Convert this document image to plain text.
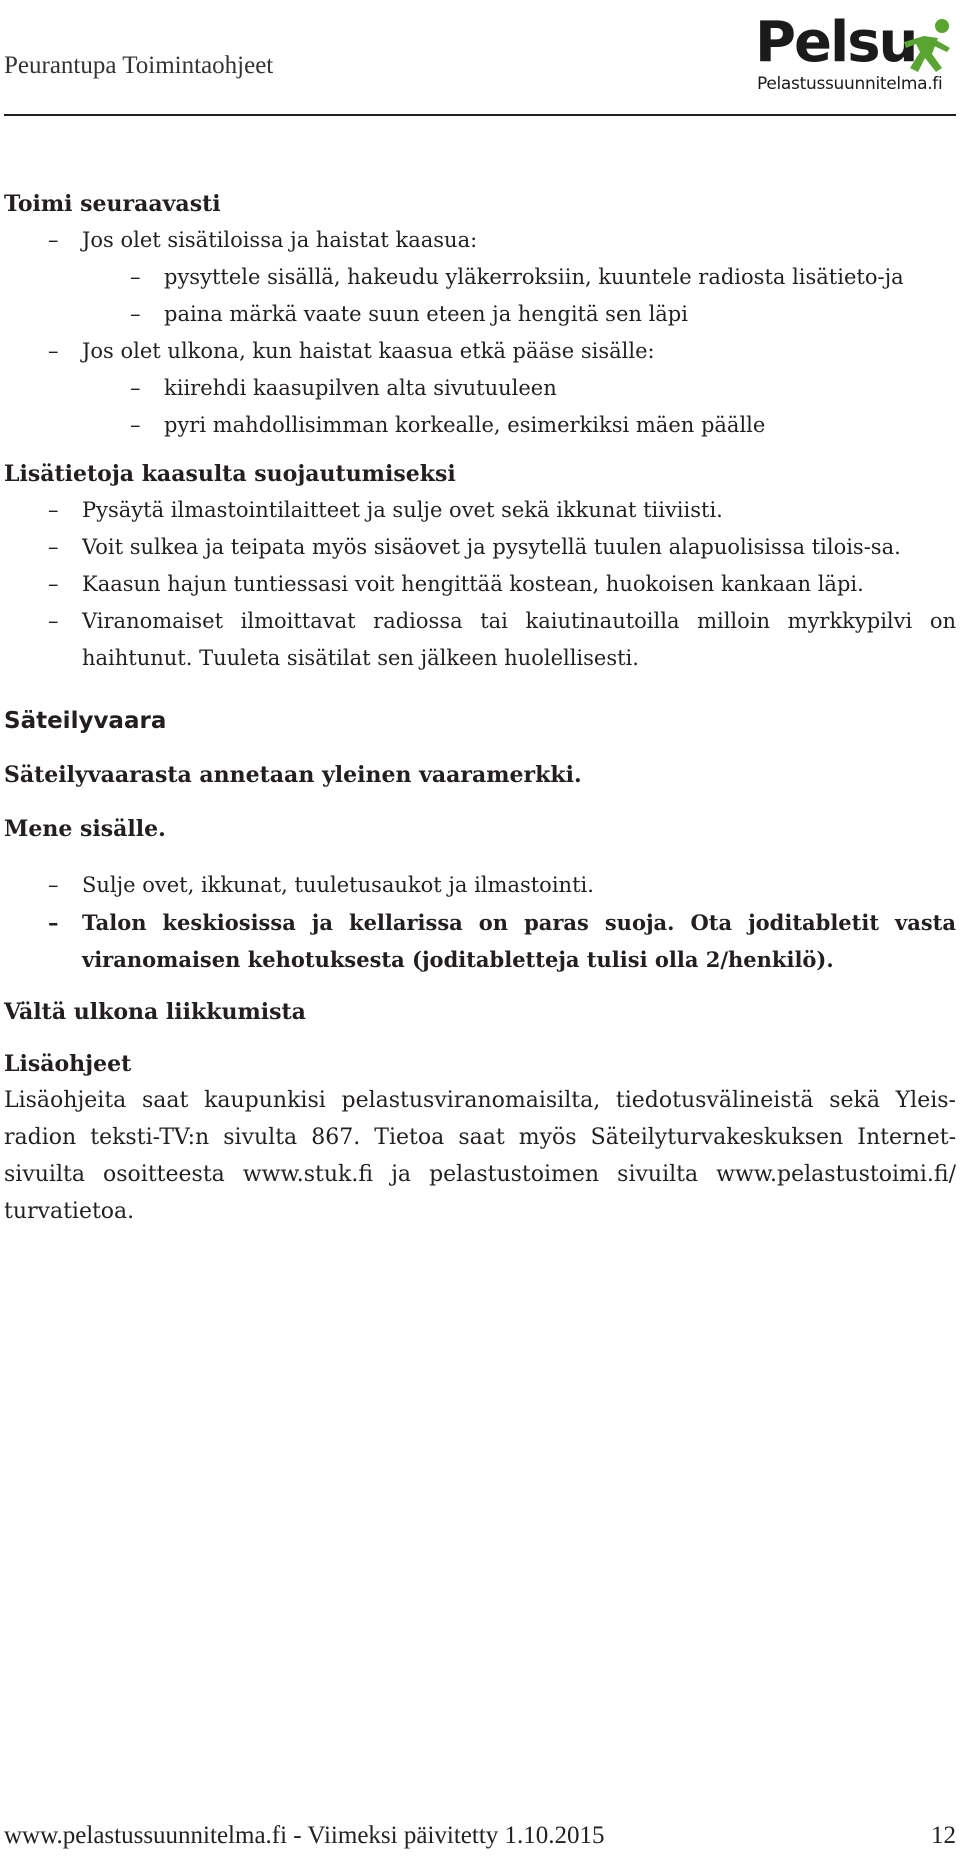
Peurantupa Toimintaohjeet	Pelsu
Pelastussuunnitelma.fi
Toimi seuraavasti
– Jos olet sisätiloissa ja haistat kaasua:
– pysyttele sisällä, hakeudu yläkerroksiin, kuuntele radiosta lisätieto-ja
– paina märkä vaate suun eteen ja hengitä sen läpi
– Jos olet ulkona, kun haistat kaasua etkä pääse sisälle:
– kiirehdi kaasupilven alta sivutuuleen
– pyri mahdollisimman korkealle, esimerkiksi mäen päälle
Lisätietoja kaasulta suojautumiseksi
– Pysäytä ilmastointilaitteet ja sulje ovet sekä ikkunat tiiviisti.
– Voit sulkea ja teipata myös sisäovet ja pysytellä tuulen alapuolisissa tilois-sa.
– Kaasun hajun tuntiessasi voit hengittää kostean, huokoisen kankaan läpi.
– Viranomaiset ilmoittavat radiossa tai kaiutinautoilla milloin myrkkypilvi on haihtunut. Tuuleta sisätilat sen jälkeen huolellisesti.
Säteilyvaara

Säteilyvaarasta annetaan yleinen vaaramerkki.

Mene sisälle.

– Sulje ovet, ikkunat, tuuletusaukot ja ilmastointi.
– Talon keskiosissa ja kellarissa on paras suoja. Ota joditabletit vasta viranomaisen kehotuksesta (joditabletteja tulisi olla 2/henkilö).

Vältä ulkona liikkumista

Lisäohjeet

Lisäohjeita saat kaupunkisi pelastusviranomaisilta, tiedotusvälineistä sekä Yleis-radion teksti-TV:n sivulta 867. Tietoa saat myös Säteilyturvakeskuksen Internet-sivuilta osoitteesta www.stuk.fi ja pelastustoimen sivuilta www.pelastustoimi.fi/ turvatietoa.

www.pelastussuunnitelma.fi - Viimeksi päivitetty 1.10.2015	12
